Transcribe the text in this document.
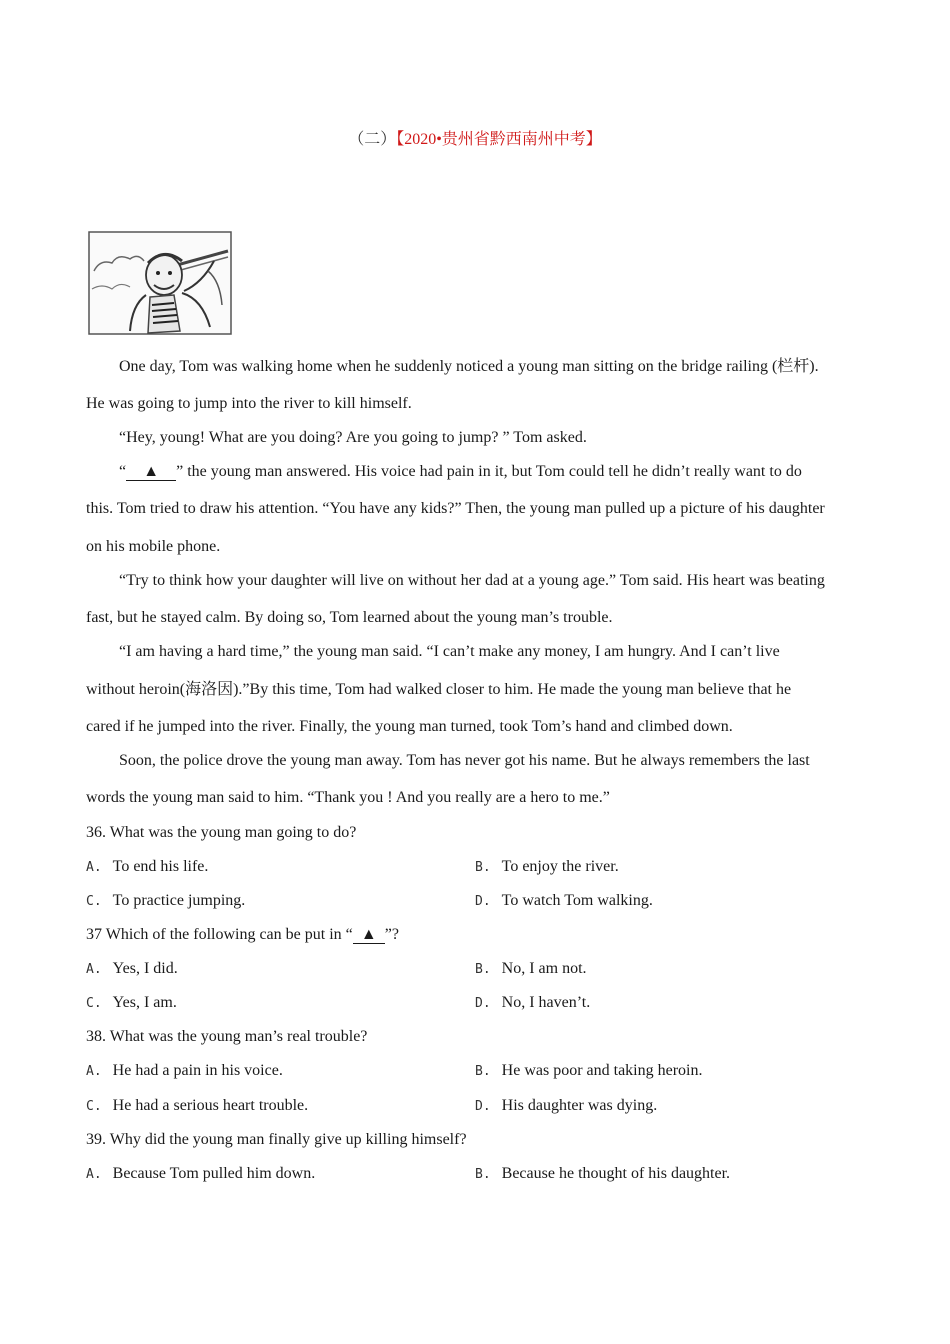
（二）【2020•贵州省黔西南州中考】
One day, Tom was walking home when he suddenly noticed a young man sitting on the bridge railing (栏杆).
He was going to jump into the river to kill himself.
“Hey, young! What are you doing? Are you going to jump? ” Tom asked.
“ ▲ ” the young man answered. His voice had pain in it, but Tom could tell he didn’t really want to do
this. Tom tried to draw his attention. “You have any kids?” Then, the young man pulled up a picture of his daughter
on his mobile phone.
“Try to think how your daughter will live on without her dad at a young age.” Tom said. His heart was beating
fast, but he stayed calm. By doing so, Tom learned about the young man’s trouble.
“I am having a hard time,” the young man said. “I can’t make any money, I am hungry. And I can’t live
without heroin(海洛因).”By this time, Tom had walked closer to him. He made the young man believe that he
cared if he jumped into the river. Finally, the young man turned, took Tom’s hand and climbed down.
Soon, the police drove the young man away. Tom has never got his name. But he always remembers the last
words the young man said to him. “Thank you ! And you really are a hero to me.”
36. What was the young man going to do?
A. To end his life.	B. To enjoy the river.
C. To practice jumping.	D. To watch Tom walking.
37 Which of the following can be put in “ ▲ ”?
A. Yes, I did.	B. No, I am not.
C. Yes, I am.	D. No, I haven’t.
38. What was the young man’s real trouble?
A. He had a pain in his voice.	B. He was poor and taking heroin.
C. He had a serious heart trouble.	D. His daughter was dying.
39. Why did the young man finally give up killing himself?
A. Because Tom pulled him down.	B. Because he thought of his daughter.
